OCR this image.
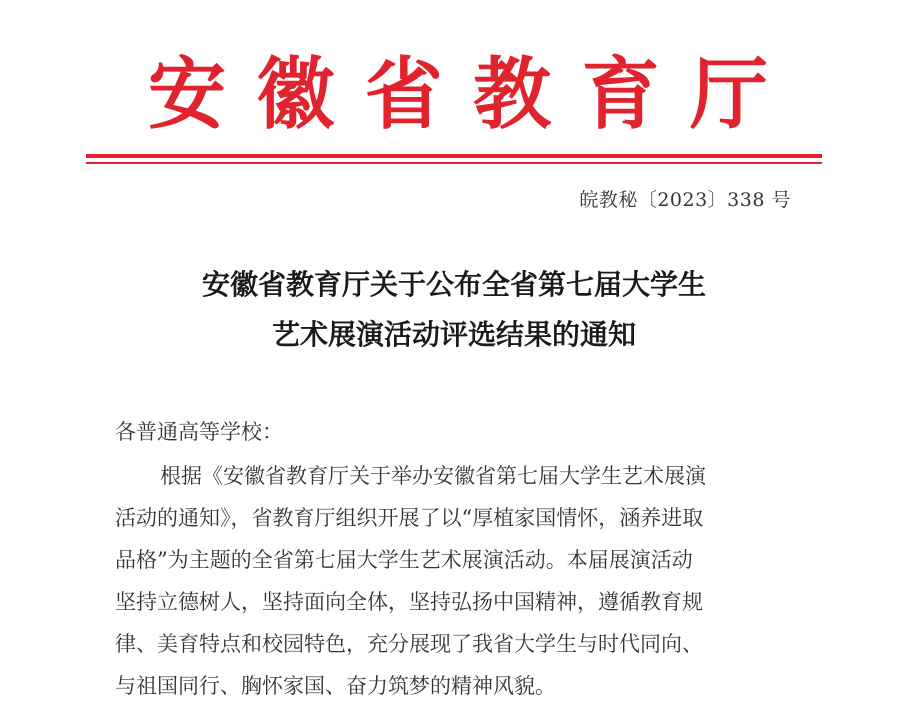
安 徽 省 教 育 厅
皖教秘〔2023〕338 号
安徽省教育厅关于公布全省第七届大学生
艺术展演活动评选结果的通知
各普通高等学校：
根据《安徽省教育厅关于举办安徽省第七届大学生艺术展演
活动的通知》，省教育厅组织开展了以“厚植家国情怀，涵养进取
品格”为主题的全省第七届大学生艺术展演活动。本届展演活动
坚持立德树人，坚持面向全体，坚持弘扬中国精神，遵循教育规
律、美育特点和校园特色，充分展现了我省大学生与时代同向、
与祖国同行、胸怀家国、奋力筑梦的精神风貌。
